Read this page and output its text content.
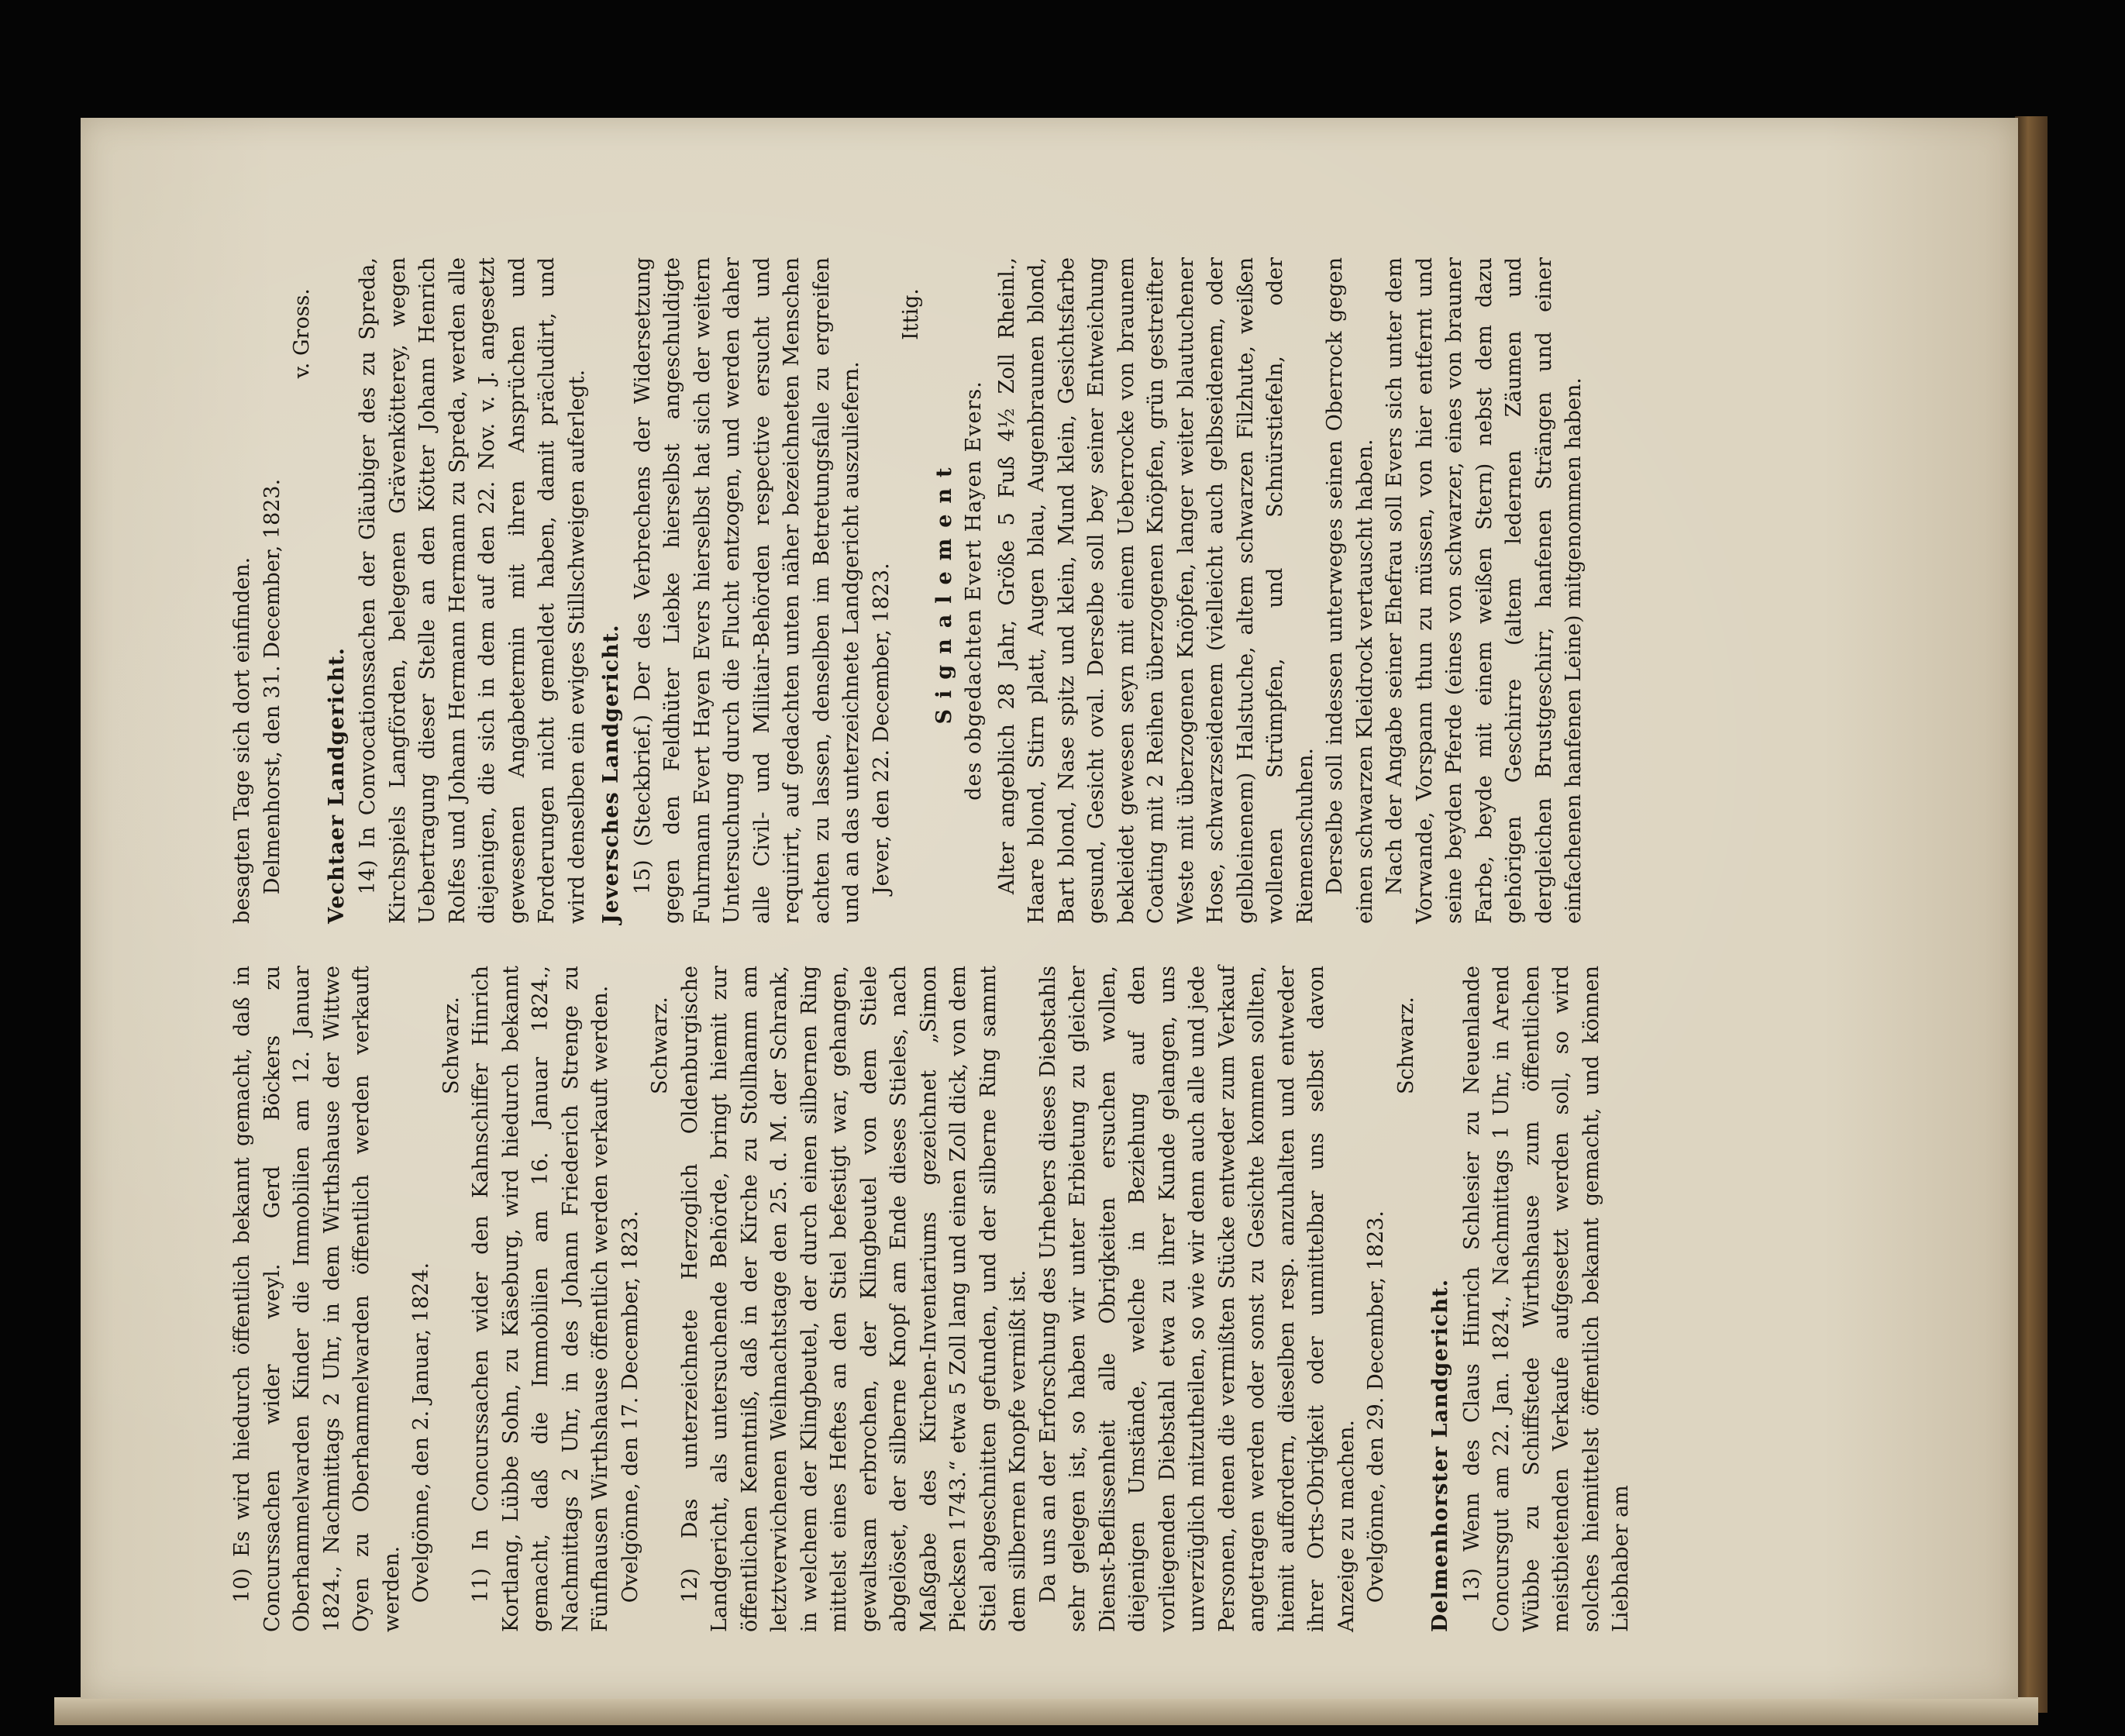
10) Es wird hiedurch öffentlich bekannt gemacht, daß in Concurssachen wider weyl. Gerd Böckers zu Oberhammelwarden Kinder die Immobilien am 12. Januar 1824., Nachmittags 2 Uhr, in dem Wirthshause der Wittwe Oyen zu Oberhammelwarden öffentlich werden verkauft werden. Ovelgönne, den 2. Januar, 1824.

Schwarz. 11) In Concurssachen wider den Kahnschiffer Hinrich Kortlang, Lübbe Sohn, zu Käseburg, wird hiedurch bekannt gemacht, daß die Immobilien am 16. Januar 1824., Nachmittags 2 Uhr, in des Johann Friederich Strenge zu Fünfhausen Wirthshause öffentlich werden verkauft werden. Ovelgönne, den 17. December, 1823.

Schwarz. 12) Das unterzeichnete Herzoglich Oldenburgische Landgericht, als untersuchende Behörde, bringt hiemit zur öffentlichen Kenntniß, daß in der Kirche zu Stollhamm am letztverwichenen Weihnachtstage den 25. d. M. der Schrank, in welchem der Klingbeutel, der durch einen silbernen Ring mittelst eines Heftes an den Stiel befestigt war, gehangen, gewaltsam erbrochen, der Klingbeutel von dem Stiele abgelöset, der silberne Knopf am Ende dieses Stieles, nach Maßgabe des Kirchen-Inventariums gezeichnet „Simon Piecksen 1743.“ etwa 5 Zoll lang und einen Zoll dick, von dem Stiel abgeschnitten gefunden, und der silberne Ring sammt dem silbernen Knopfe vermißt ist. Da uns an der Erforschung des Urhebers dieses Diebstahls sehr gelegen ist, so haben wir unter Erbietung zu gleicher Dienst-Beflissenheit alle Obrigkeiten ersuchen wollen, diejenigen Umstände, welche in Beziehung auf den vorliegenden Diebstahl etwa zu ihrer Kunde gelangen, uns unverzüglich mitzutheilen, so wie wir denn auch alle und jede Personen, denen die vermißten Stücke entweder zum Verkauf angetragen werden oder sonst zu Gesichte kommen sollten, hiemit auffordern, dieselben resp. anzuhalten und entweder ihrer Orts-Obrigkeit oder unmittelbar uns selbst davon Anzeige zu machen. Ovelgönne, den 29. December, 1823.

Schwarz.

Delmenhorster Landgericht. 13) Wenn des Claus Hinrich Schlesier zu Neuenlande Concursgut am 22. Jan. 1824., Nachmittags 1 Uhr, in Arend Wübbe zu Schiffstede Wirthshause zum öffentlichen meistbietenden Verkaufe aufgesetzt werden soll, so wird solches hiemittelst öffentlich bekannt gemacht, und können Liebhaber am

besagten Tage sich dort einfinden. Delmenhorst, den 31. December, 1823.

v. Gross.

Vechtaer Landgericht. 14) In Convocationssachen der Gläubiger des zu Spreda, Kirchspiels Langförden, belegenen Grävenkötterey, wegen Uebertragung dieser Stelle an den Kötter Johann Henrich Rolfes und Johann Hermann Hermann zu Spreda, werden alle diejenigen, die sich in dem auf den 22. Nov. v. J. angesetzt gewesenen Angabetermin mit ihren Ansprüchen und Forderungen nicht gemeldet haben, damit präcludirt, und wird denselben ein ewiges Stillschweigen auferlegt. Jeversches Landgericht. 15) (Steckbrief.) Der des Verbrechens der Widersetzung gegen den Feldhüter Liebke hierselbst angeschuldigte Fuhrmann Evert Hayen Evers hierselbst hat sich der weitern Untersuchung durch die Flucht entzogen, und werden daher alle Civil- und Militair-Behörden respective ersucht und requirirt, auf gedachten unten näher bezeichneten Menschen achten zu lassen, denselben im Betretungsfalle zu ergreifen und an das unterzeichnete Landgericht auszuliefern. Jever, den 22. December, 1823.

Ittig.

Signalement des obgedachten Evert Hayen Evers. Alter angeblich 28 Jahr, Größe 5 Fuß 4½ Zoll Rheinl., Haare blond, Stirn platt, Augen blau, Augenbraunen blond, Bart blond, Nase spitz und klein, Mund klein, Gesichtsfarbe gesund, Gesicht oval. Derselbe soll bey seiner Entweichung bekleidet gewesen seyn mit einem Ueberrocke von braunem Coating mit 2 Reihen überzogenen Knöpfen, grün gestreifter Weste mit überzogenen Knöpfen, langer weiter blautuchener Hose, schwarzseidenem (vielleicht auch gelbseidenem, oder gelbleinenem) Halstuche, altem schwarzen Filzhute, weißen wollenen Strümpfen, und Schnürstiefeln, oder Riemenschuhen. Derselbe soll indessen unterweges seinen Oberrock gegen einen schwarzen Kleidrock vertauscht haben. Nach der Angabe seiner Ehefrau soll Evers sich unter dem Vorwande, Vorspann thun zu müssen, von hier entfernt und seine beyden Pferde (eines von schwarzer, eines von brauner Farbe, beyde mit einem weißen Stern) nebst dem dazu gehörigen Geschirre (altem ledernen Zäumen und dergleichen Brustgeschirr, hanfenen Strängen und einer einfachenen hanfenen Leine) mitgenommen haben.
